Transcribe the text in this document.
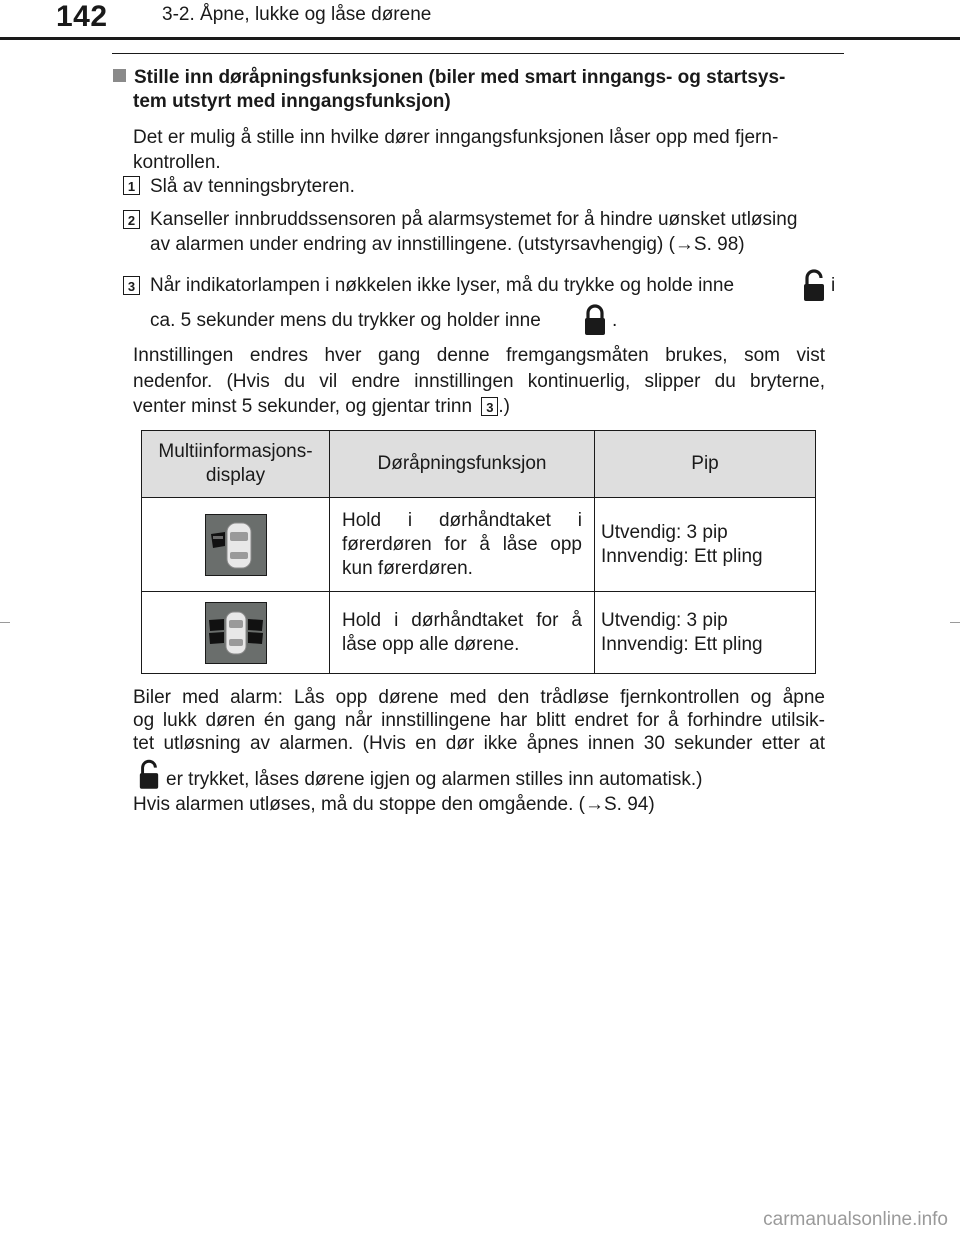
142	3-2. Åpne, lukke og låse dørene
Stille inn døråpningsfunksjonen (biler med smart inngangs- og startsys-
tem utstyrt med inngangsfunksjon)
Det er mulig å stille inn hvilke dører inngangsfunksjonen låser opp med fjern-
kontrollen.
1 Slå av tenningsbryteren.
2 Kanseller innbruddssensoren på alarmsystemet for å hindre uønsket utløsing
av alarmen under endring av innstillingene. (utstyrsavhengig) (→S. 98)
3 Når indikatorlampen i nøkkelen ikke lyser, må du trykke og holde inne	i
ca. 5 sekunder mens du trykker og holder inne	.
Innstillingen endres hver gang denne fremgangsmåten brukes, som vist
nedenfor. (Hvis du vil endre innstillingen kontinuerlig, slipper du bryterne,
venter minst 5 sekunder, og gjentar trinn 3 .)
Multiinformasjons-
display	Døråpningsfunksjon	Pip

	Hold i dørhåndtaket i førerdøren for å låse opp kun førerdøren.	Utvendig: 3 pip
Innvendig: Ett pling

	Hold i dørhåndtaket for å låse opp alle dørene.	Utvendig: 3 pip
Innvendig: Ett pling
Biler med alarm: Lås opp dørene med den trådløse fjernkontrollen og åpne
og lukk døren én gang når innstillingene har blitt endret for å forhindre utilsik-
tet utløsning av alarmen. (Hvis en dør ikke åpnes innen 30 sekunder etter at
er trykket, låses dørene igjen og alarmen stilles inn automatisk.)
Hvis alarmen utløses, må du stoppe den omgående. (→S. 94)
carmanualsonline.info
